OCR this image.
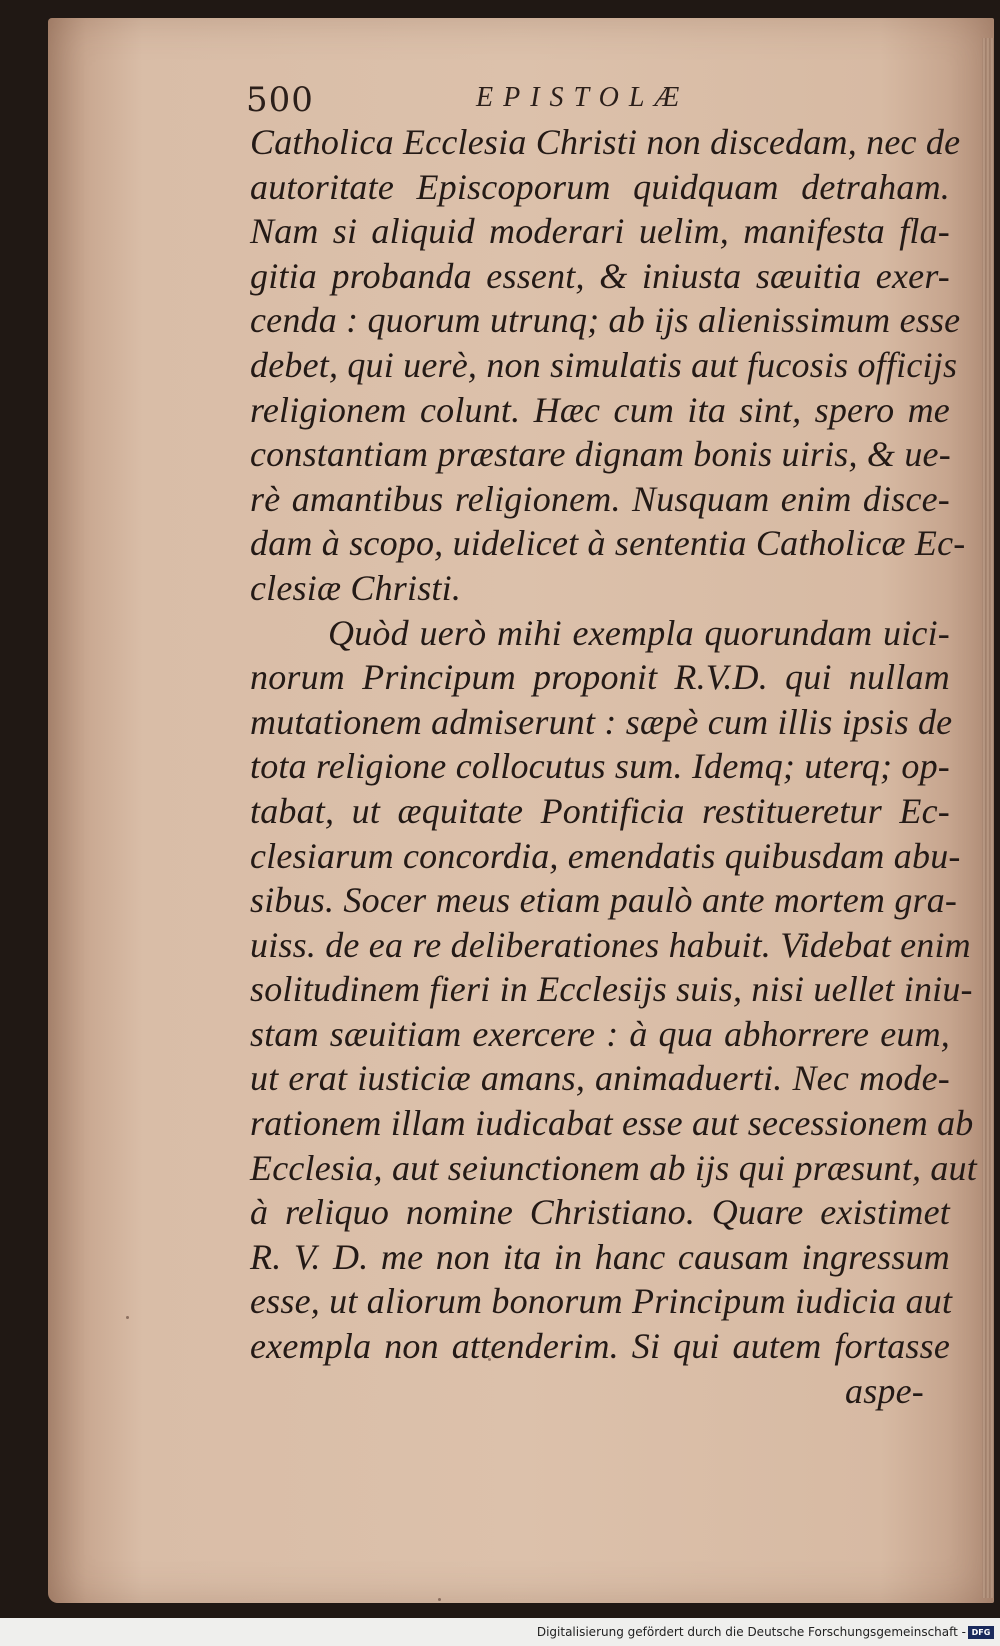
500	EPISTOLÆ
Catholica Ecclesia Christi non discedam, nec de
autoritate Episcoporum quidquam detraham.
Nam si aliquid moderari uelim, manifesta fla-
gitia probanda essent, & iniusta sæuitia exer-
cenda : quorum utrunq; ab ijs alienissimum esse
debet, qui uerè, non simulatis aut fucosis officijs
religionem colunt. Hæc cum ita sint, spero me
constantiam præstare dignam bonis uiris, & ue-
rè amantibus religionem. Nusquam enim disce-
dam à scopo, uidelicet à sententia Catholicæ Ec-
clesiæ Christi.
Quòd uerò mihi exempla quorundam uici-
norum Principum proponit R.V.D. qui nullam
mutationem admiserunt : sæpè cum illis ipsis de
tota religione collocutus sum. Idemq; uterq; op-
tabat, ut æquitate Pontificia restitueretur Ec-
clesiarum concordia, emendatis quibusdam abu-
sibus. Socer meus etiam paulò ante mortem gra-
uiss. de ea re deliberationes habuit. Videbat enim
solitudinem fieri in Ecclesijs suis, nisi uellet iniu-
stam sæuitiam exercere : à qua abhorrere eum,
ut erat iusticiæ amans, animaduerti. Nec mode-
rationem illam iudicabat esse aut secessionem ab
Ecclesia, aut seiunctionem ab ijs qui præsunt, aut
à reliquo nomine Christiano. Quare existimet
R. V. D. me non ita in hanc causam ingressum
esse, ut aliorum bonorum Principum iudicia aut
exempla non attenderim. Si qui autem fortasse
aspe-
Digitalisierung gefördert durch die Deutsche Forschungsgemeinschaft - DFG
